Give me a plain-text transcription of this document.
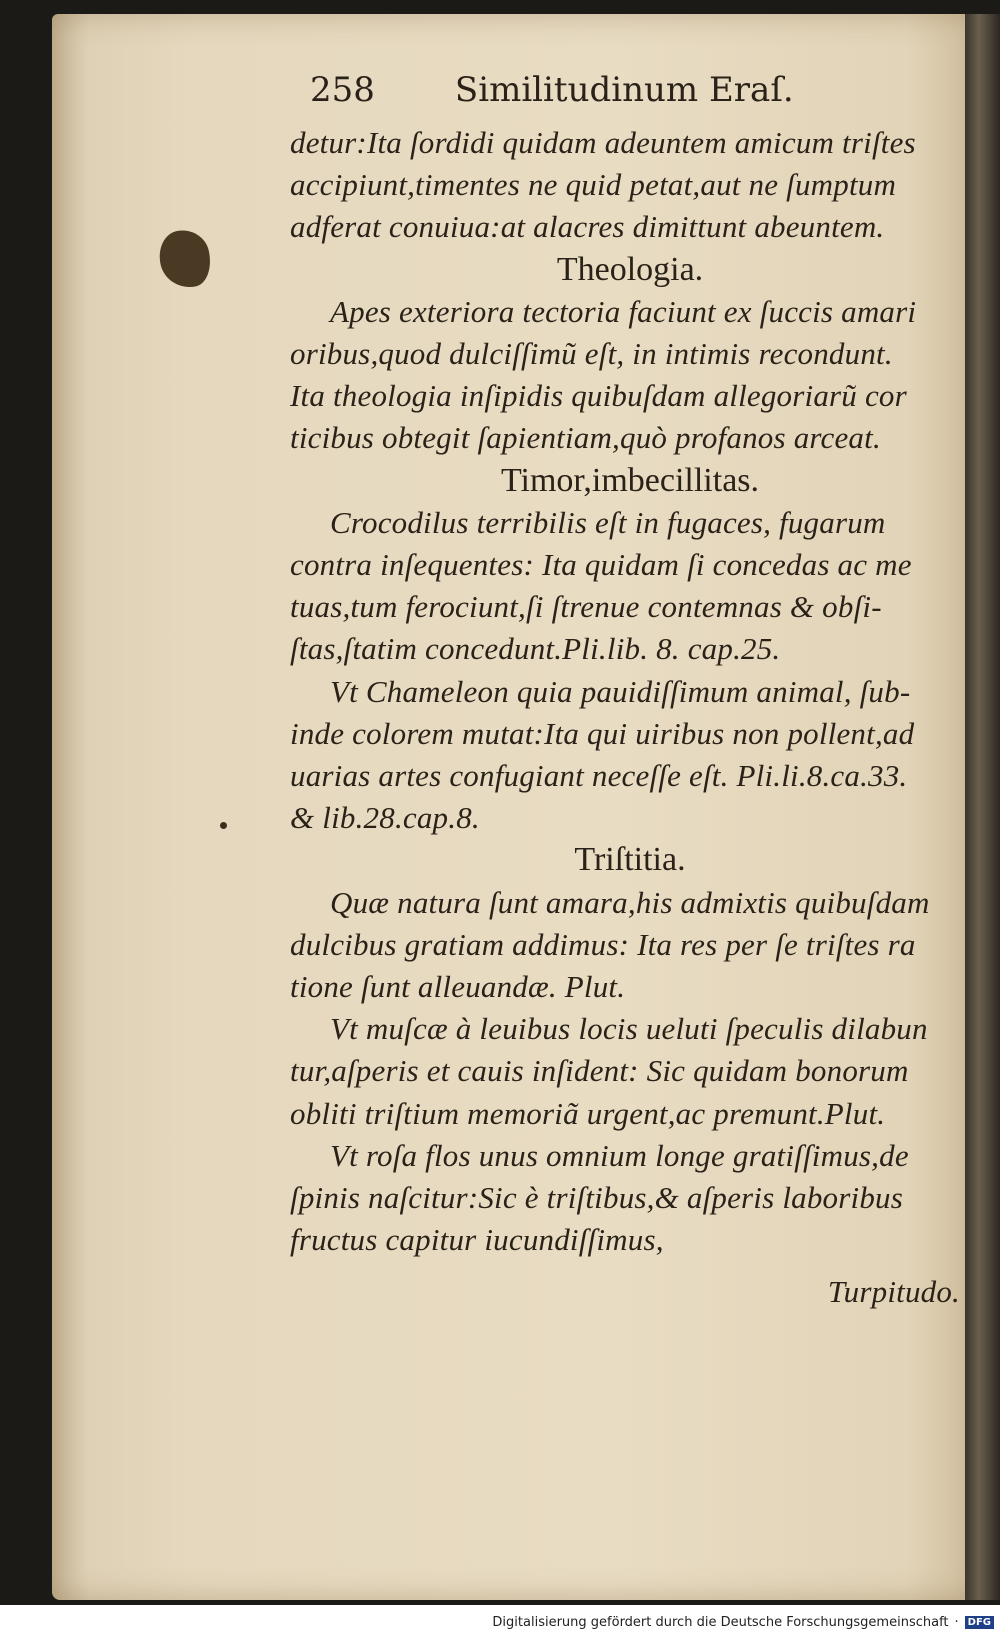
258 Similitudinum Eraſ.
detur:Ita ſordidi quidam adeuntem amicum triſtes
accipiunt,timentes ne quid petat,aut ne ſumptum
adferat conuiua:at alacres dimittunt abeuntem.
Theologia.
Apes exteriora tectoria faciunt ex ſuccis amari
oribus,quod dulciſſimũ eſt, in intimis recondunt.
Ita theologia inſipidis quibuſdam allegoriarũ cor
ticibus obtegit ſapientiam,quò profanos arceat.
Timor,imbecillitas.
Crocodilus terribilis eſt in fugaces, fugarum
contra inſequentes: Ita quidam ſi concedas ac me
tuas,tum ferociunt,ſi ſtrenue contemnas & obſi-
ſtas,ſtatim concedunt.Pli.lib. 8. cap.25.
Vt Chameleon quia pauidiſſimum animal, ſub-
inde colorem mutat:Ita qui uiribus non pollent,ad
uarias artes confugiant neceſſe eſt. Pli.li.8.ca.33.
& lib.28.cap.8.
Triſtitia.
Quæ natura ſunt amara,his admixtis quibuſdam
dulcibus gratiam addimus: Ita res per ſe triſtes ra
tione ſunt alleuandæ. Plut.
Vt muſcæ à leuibus locis ueluti ſpeculis dilabun
tur,aſperis et cauis inſident: Sic quidam bonorum
obliti triſtium memoriã urgent,ac premunt.Plut.
Vt roſa flos unus omnium longe gratiſſimus,de
ſpinis naſcitur:Sic è triſtibus,& aſperis laboribus
fructus capitur iucundiſſimus,
Turpitudo.
Digitalisierung gefördert durch die Deutsche Forschungsgemeinschaft · DFG
